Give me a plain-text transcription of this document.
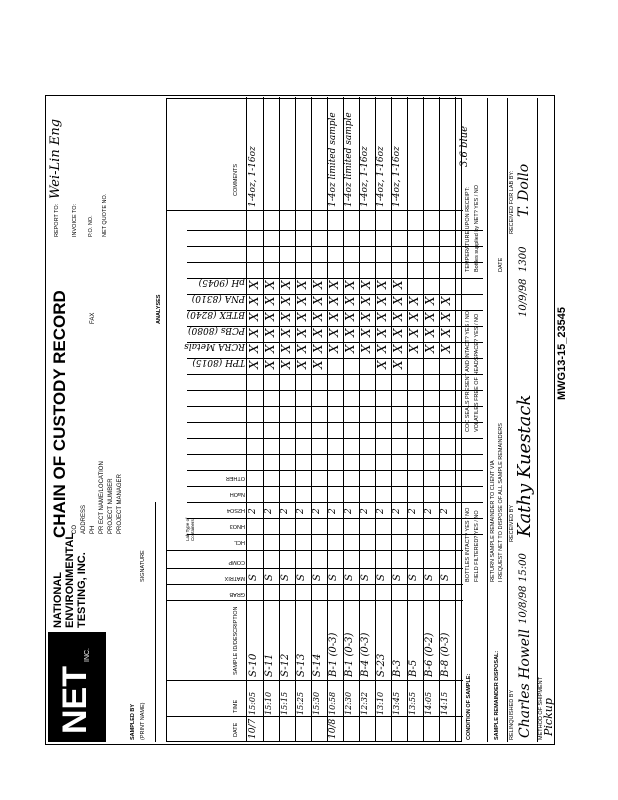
MWG13-15_23545
NET
INC.
NATIONAL ENVIRONMENTAL TESTING, INC.
CHAIN OF CUSTODY RECORD CO ADDRESS PH
FAX
PR ECT NAME/LOCATION PROJECT NUMBER PROJECT MANAGER
REPORT TO:
Wei-Lin Eng
INVOICE TO: P.O. NO. NET QUOTE NO.
SAMPLED BY (PRINT NAME)
SIGNATURE
ANALYSES
DATE
TIME
SAMPLE ID/DESCRIPTION
GRAB
MATRIX
COMP
Lab Type of Containers
HCL
HNO3
H2SO4
NaOH
OTHER
TPH (8015)
RCRA Metals
PCBs (8080)
BTEX (8240)
PNA (8310)
pH (9045)
COMMENTS
10/7
15:05
S-10
S
2
X
X
X
X
X
X
1-4oz, 1-16oz
15:10
S-11
S
2
X
X
X
X
X
X
15:15
S-12
S
2
X
X
X
X
X
X
15:25
S-13
S
2
X
X
X
X
X
X
15:30
S-14
S
2
X
X
X
X
X
X
10/8
10:58
B-1 (0-3)
S
2
X
X
X
X
X
1-4oz limited sample
12:30
B-1 (0-3)
S
2
X
X
X
X
X
1-4oz limited sample
12:32
B-4 (0-3)
S
2
X
X
X
X
X
1-4oz, 1-16oz
13:10
S-23
S
2
X
X
X
X
X
X
1-4oz, 1-16oz
13:45
B-3
S
2
X
X
X
X
X
X
1-4oz, 1-16oz
13:55
B-5
S
2
X
X
X
X
14:05
B-6 (0-2)
S
2
X
X
X
X
14:15
B-8 (0-3)
S
2
X
X
X
X
CONDITION OF SAMPLE:
BOTTLES INTACT? YES / NO FIELD FILTERED? YES / NO
COC SEALS PRESENT AND INTACT? YES / NO VOLATILES FREE OF HEADSPACE? YES / NO
TEMPERATURE UPON RECEIPT:
3.6 blue
Bottles supplied by NET? YES / NO
SAMPLE REMAINDER DISPOSAL:
RETURN SAMPLE REMAINDER TO CLIENT VIA I REQUEST NET TO DISPOSE OF ALL SAMPLE REMAINDERS
DATE
RELINQUISHED BY Charles Howell
10/8/98
15:00
RECEIVED BY Kathy Kuestack
10/9/98
1300
RECEIVED FOR LAB BY: T. Dollo
METHOD OF SHIPMENT
Pickup
